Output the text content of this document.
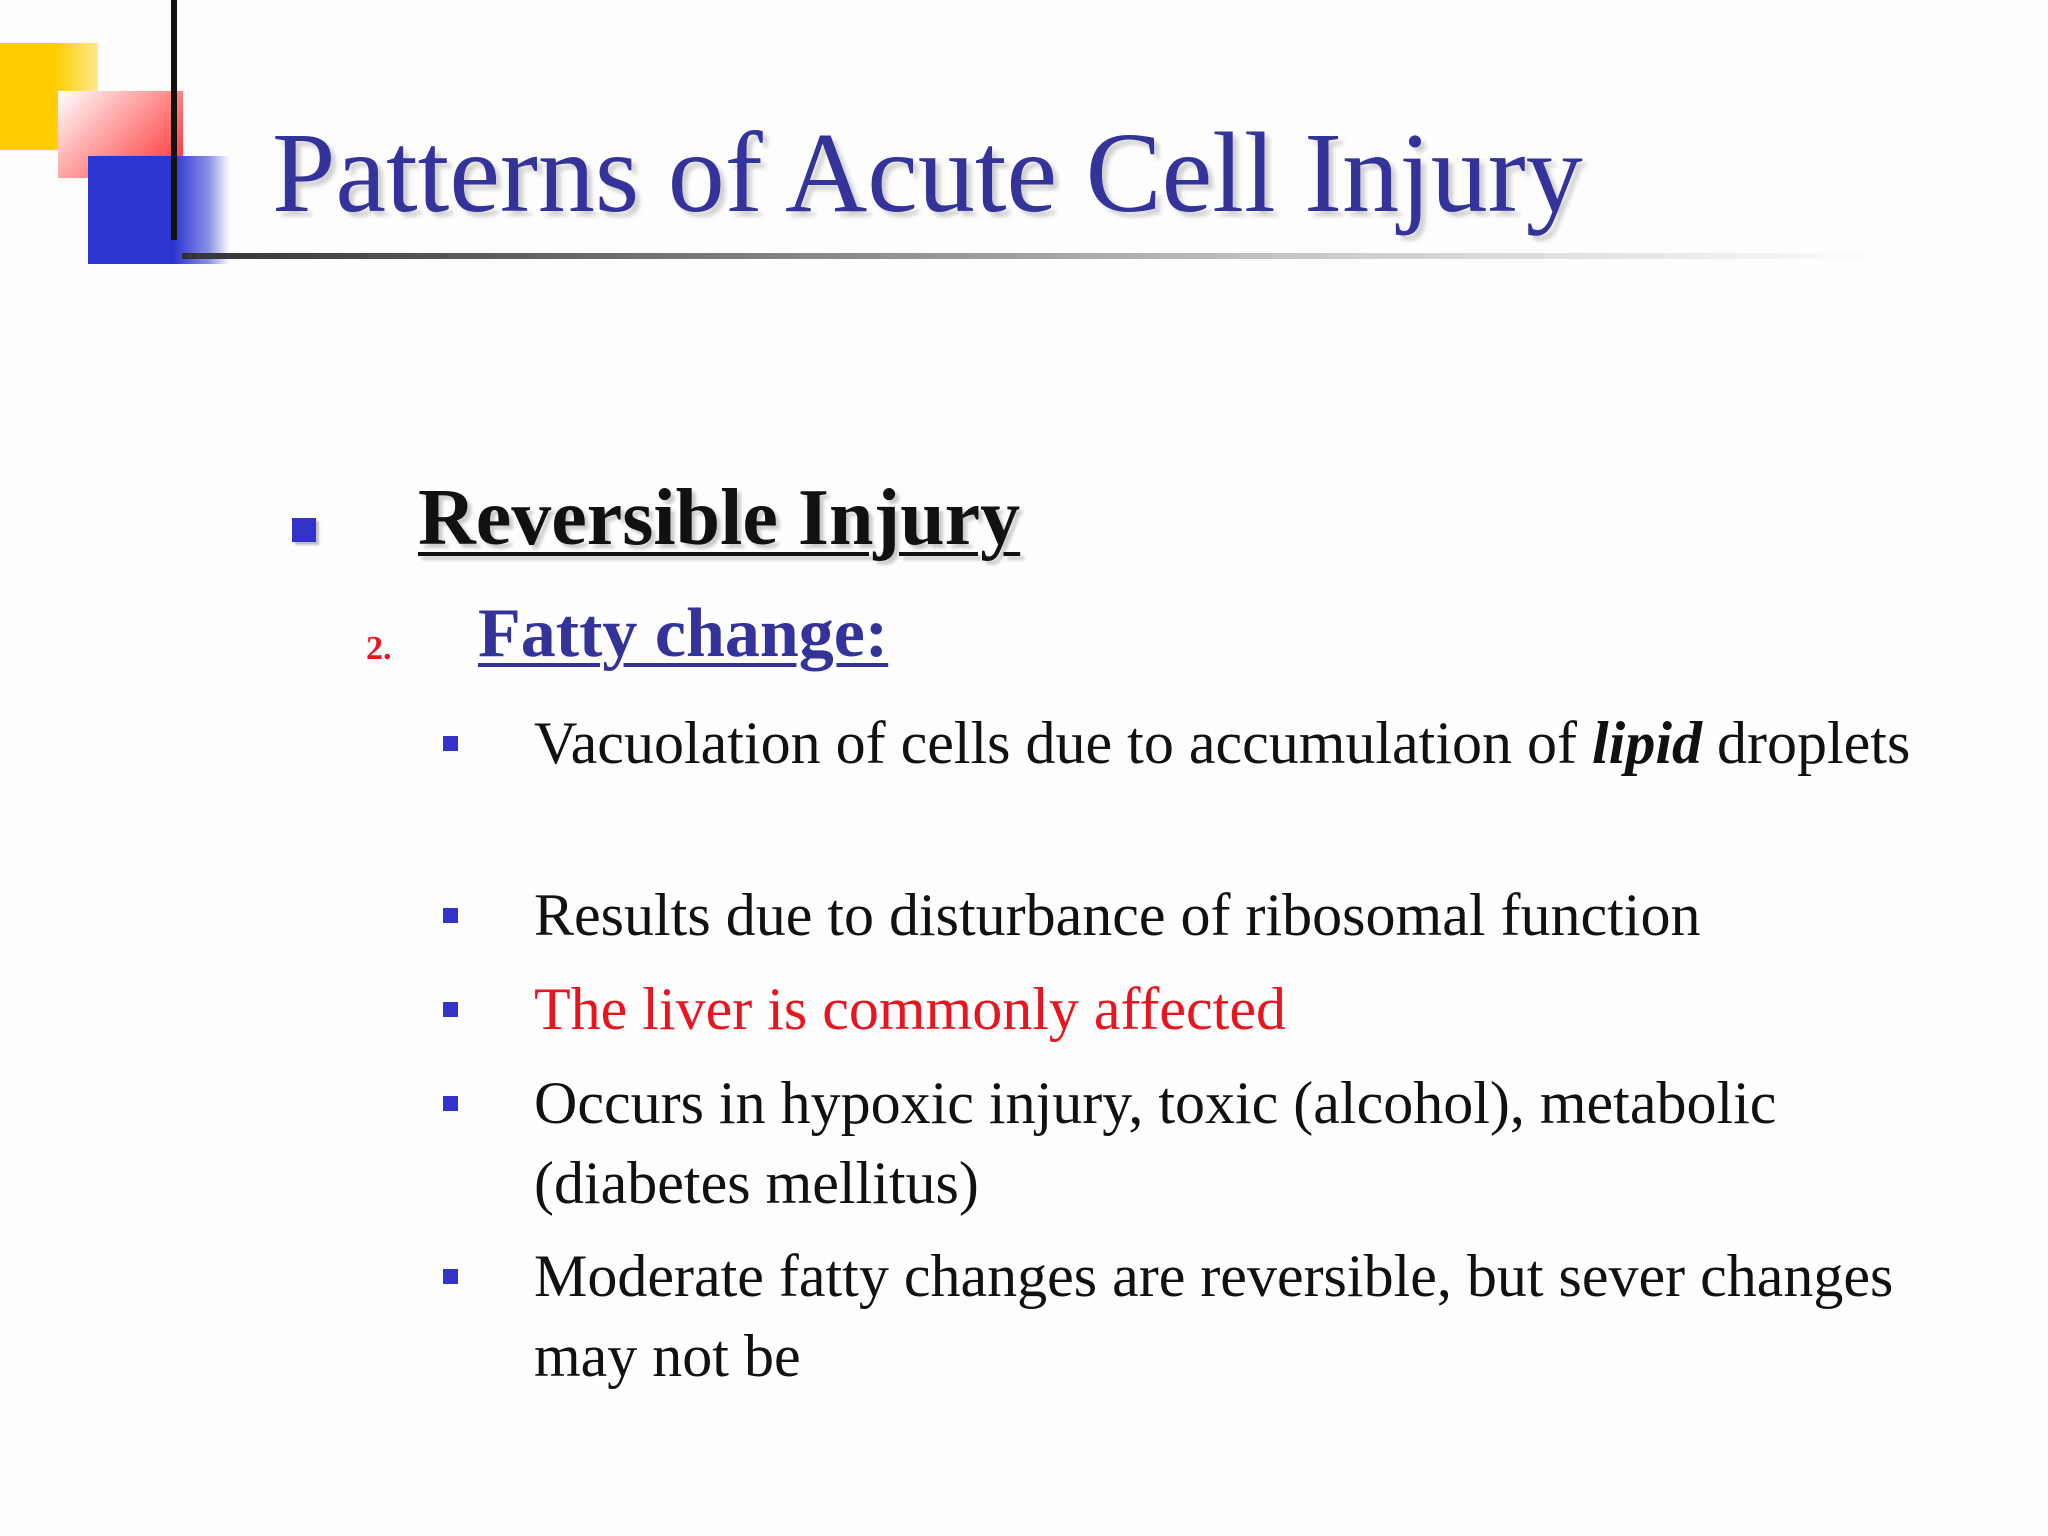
Patterns of Acute Cell Injury
Reversible Injury
2. Fatty change:
Vacuolation of cells due to accumulation of lipid droplets
Results due to disturbance of ribosomal function
The liver is commonly affected
Occurs in hypoxic injury, toxic (alcohol), metabolic (diabetes mellitus)
Moderate fatty changes are reversible, but sever changes may not be
